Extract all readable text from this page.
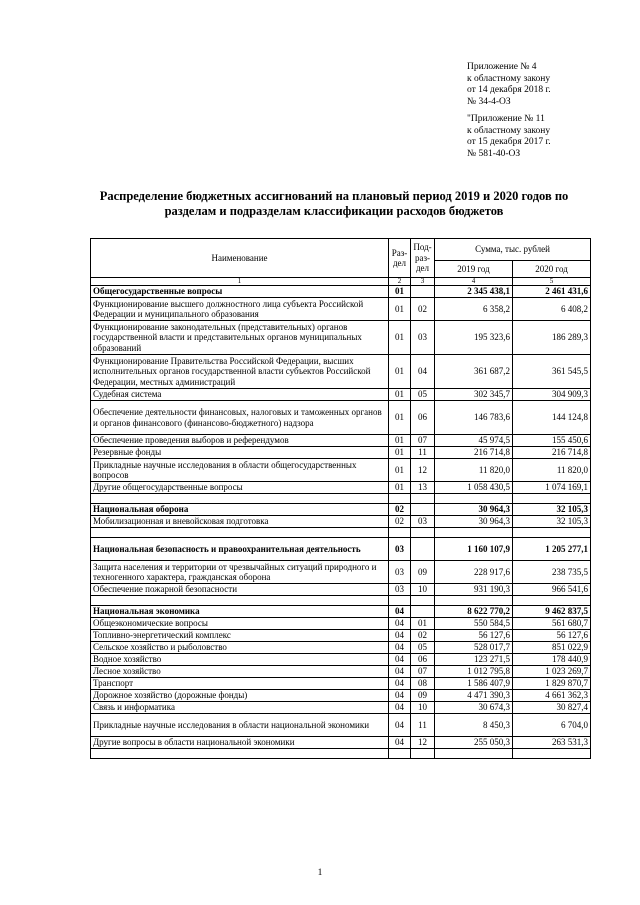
Приложение № 4
к областному закону
от 14 декабря 2018 г.
№ 34-4-ОЗ
"Приложение № 11
к областному закону
от 15 декабря 2017 г.
№ 581-40-ОЗ
Распределение бюджетных ассигнований на плановый период 2019 и 2020 годов по разделам и подразделам классификации расходов бюджетов
Наименование	Раз-дел	Под-раз-дел	Сумма, тыс. рублей	
			2019 год	2020 год
1	2	3	4	5
Общегосударственные вопросы	01		2 345 438,1	2 461 431,6
Функционирование высшего должностного лица субъекта Российской Федерации и муниципального образования	01	02	6 358,2	6 408,2
Функционирование законодательных (представительных) органов государственной власти и представительных органов муниципальных образований	01	03	195 323,6	186 289,3
Функционирование Правительства Российской Федерации, высших исполнительных органов государственной власти субъектов Российской Федерации, местных администраций	01	04	361 687,2	361 545,5
Судебная система	01	05	302 345,7	304 909,3
Обеспечение деятельности финансовых, налоговых и таможенных органов и органов финансового (финансово-бюджетного) надзора	01	06	146 783,6	144 124,8
Обеспечение проведения выборов и референдумов	01	07	45 974,5	155 450,6
Резервные фонды	01	11	216 714,8	216 714,8
Прикладные научные исследования в области общегосударственных вопросов	01	12	11 820,0	11 820,0
Другие общегосударственные вопросы	01	13	1 058 430,5	1 074 169,1

Национальная оборона	02		30 964,3	32 105,3
Мобилизационная и вневойсковая подготовка	02	03	30 964,3	32 105,3

Национальная безопасность и правоохранительная деятельность	03		1 160 107,9	1 205 277,1
Защита населения и территории от чрезвычайных ситуаций природного и техногенного характера, гражданская оборона	03	09	228 917,6	238 735,5
Обеспечение пожарной безопасности	03	10	931 190,3	966 541,6

Национальная экономика	04		8 622 770,2	9 462 837,5
Общеэкономические вопросы	04	01	550 584,5	561 680,7
Топливно-энергетический комплекс	04	02	56 127,6	56 127,6
Сельское хозяйство и рыболовство	04	05	528 017,7	851 022,9
Водное хозяйство	04	06	123 271,5	178 440,9
Лесное хозяйство	04	07	1 012 795,8	1 023 269,7
Транспорт	04	08	1 586 407,9	1 829 870,7
Дорожное хозяйство (дорожные фонды)	04	09	4 471 390,3	4 661 362,3
Связь и информатика	04	10	30 674,3	30 827,4
Прикладные научные исследования в области национальной экономики	04	11	8 450,3	6 704,0
Другие вопросы в области национальной экономики	04	12	255 050,3	263 531,3

1
